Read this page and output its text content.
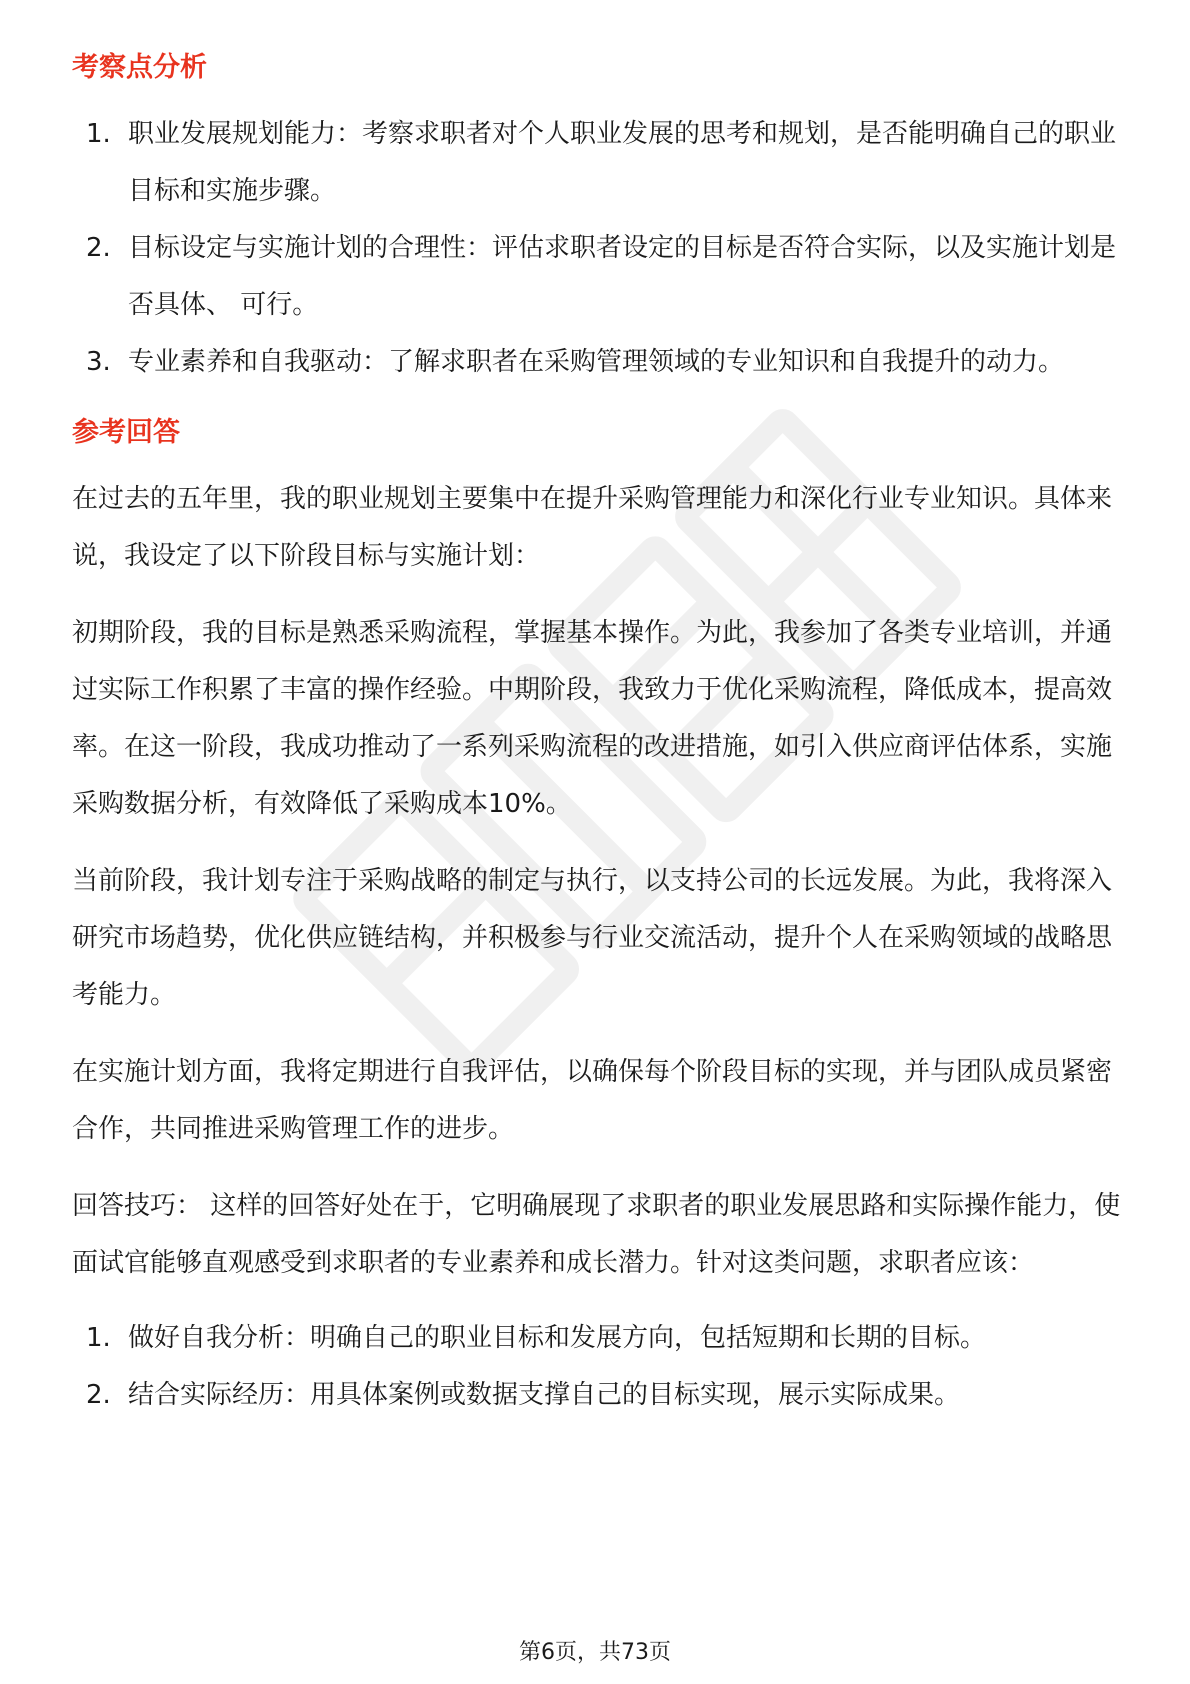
考察点分析
1. 职业发展规划能力：考察求职者对个人职业发展的思考和规划，是否能明确自己的职业目标和实施步骤。
2. 目标设定与实施计划的合理性：评估求职者设定的目标是否符合实际，以及实施计划是否具体、 可行。
3. 专业素养和自我驱动：了解求职者在采购管理领域的专业知识和自我提升的动力。
参考回答

在过去的五年里，我的职业规划主要集中在提升采购管理能力和深化行业专业知识。具体来说，我设定了以下阶段目标与实施计划：

初期阶段，我的目标是熟悉采购流程，掌握基本操作。为此，我参加了各类专业培训，并通过实际工作积累了丰富的操作经验。中期阶段，我致力于优化采购流程，降低成本，提高效率。在这一阶段，我成功推动了一系列采购流程的改进措施，如引入供应商评估体系，实施采购数据分析，有效降低了采购成本10%。

当前阶段，我计划专注于采购战略的制定与执行，以支持公司的长远发展。为此，我将深入研究市场趋势，优化供应链结构，并积极参与行业交流活动，提升个人在采购领域的战略思考能力。

在实施计划方面，我将定期进行自我评估，以确保每个阶段目标的实现，并与团队成员紧密合作，共同推进采购管理工作的进步。

回答技巧： 这样的回答好处在于，它明确展现了求职者的职业发展思路和实际操作能力，使面试官能够直观感受到求职者的专业素养和成长潜力。针对这类问题，求职者应该：

1. 做好自我分析：明确自己的职业目标和发展方向，包括短期和长期的目标。
2. 结合实际经历：用具体案例或数据支撑自己的目标实现，展示实际成果。
第6页，共73页
